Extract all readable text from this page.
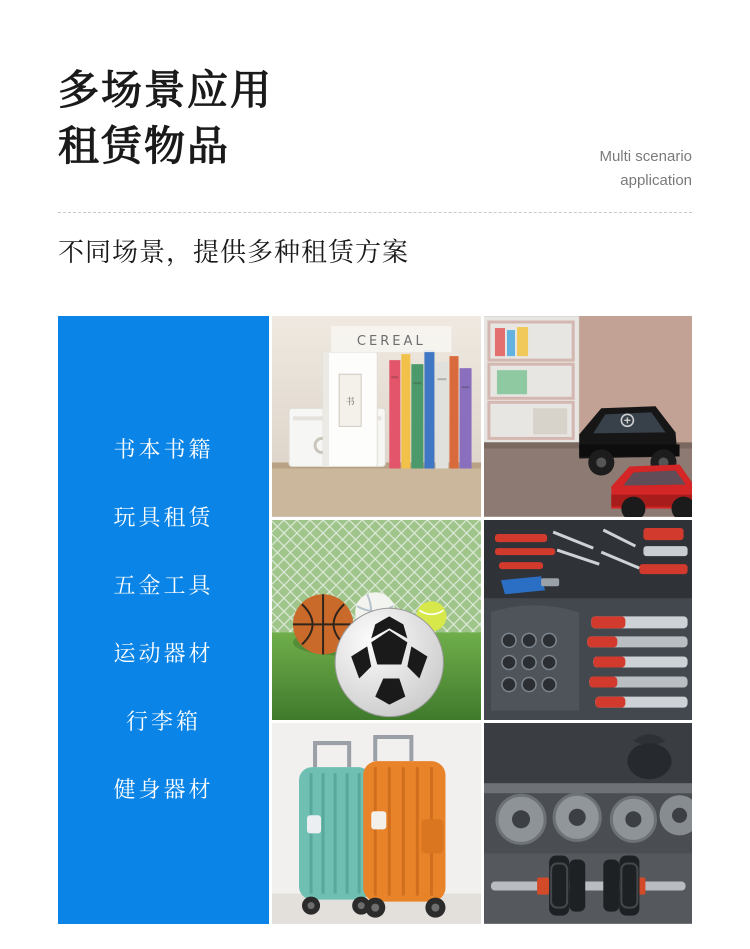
多场景应用
租赁物品	Multi scenario
application
不同场景，提供多种租赁方案
书本书籍
玩具租赁
五金工具
运动器材
行李箱
健身器材
书
CEREAL
